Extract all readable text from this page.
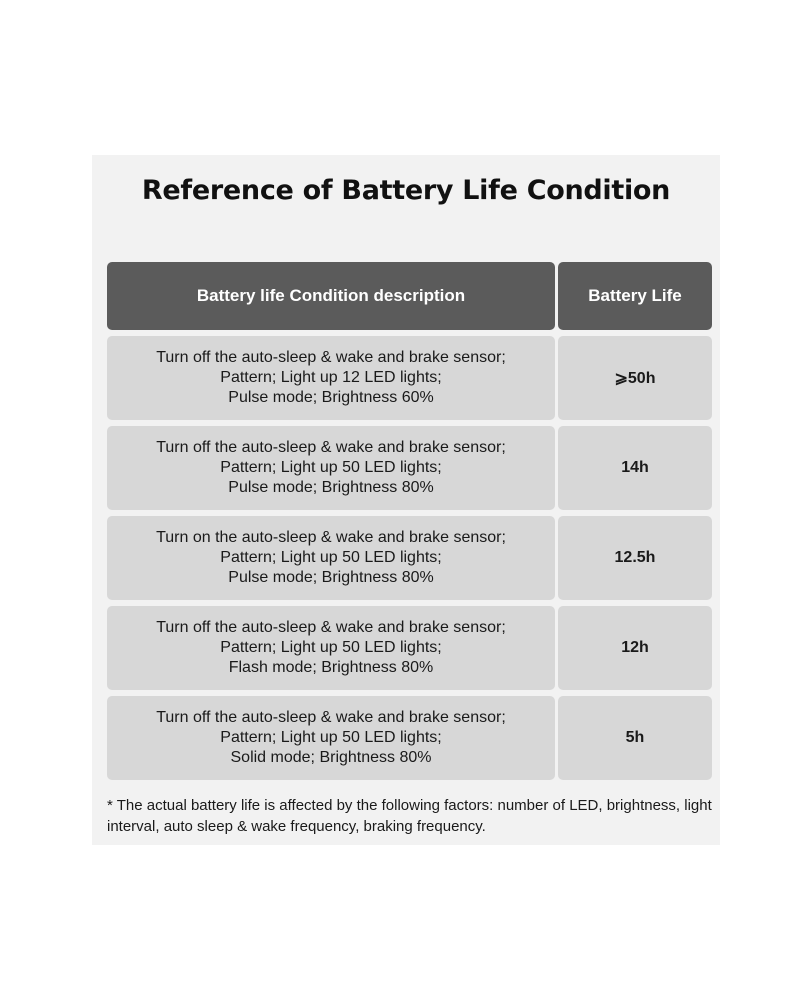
Reference of Battery Life Condition
Battery life Condition description	Battery Life
Turn off the auto-sleep & wake and brake sensor;
Pattern; Light up 12 LED lights;
Pulse mode; Brightness 60%
⩾50h
Turn off the auto-sleep & wake and brake sensor;
Pattern; Light up 50 LED lights;
Pulse mode; Brightness 80%
14h
Turn on the auto-sleep & wake and brake sensor;
Pattern; Light up 50 LED lights;
Pulse mode; Brightness 80%
12.5h
Turn off the auto-sleep & wake and brake sensor;
Pattern; Light up 50 LED lights;
Flash mode; Brightness 80%
12h
Turn off the auto-sleep & wake and brake sensor;
Pattern; Light up 50 LED lights;
Solid mode; Brightness 80%
5h

* The actual battery life is affected by the following factors: number of LED, brightness, light interval, auto sleep & wake frequency, braking frequency.
